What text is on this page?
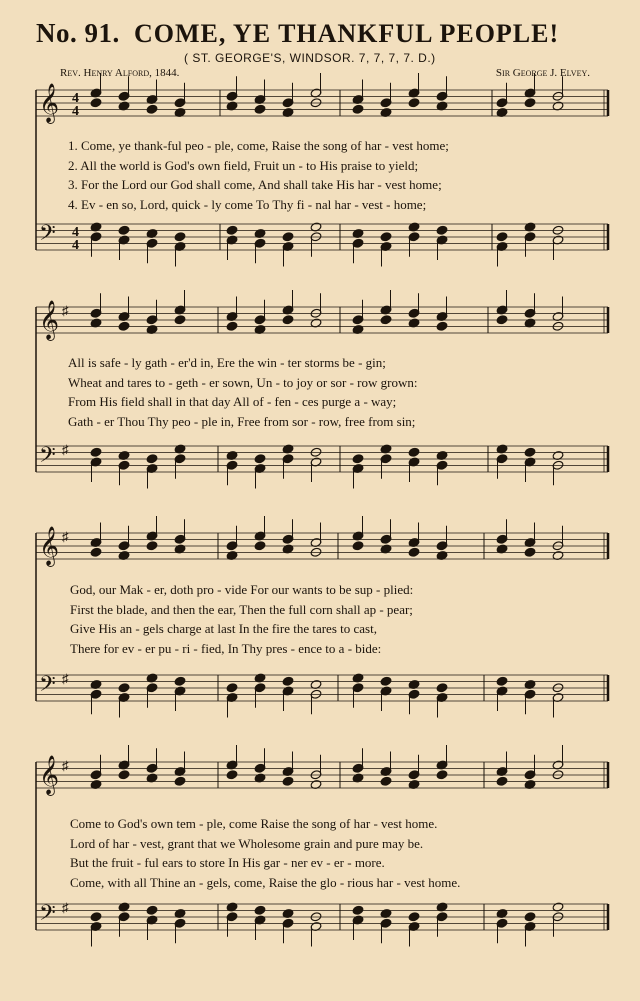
No. 91. COME, YE THANKFUL PEOPLE!
( ST. GEORGE'S, WINDSOR. 7, 7, 7, 7. D.)
Rev. Henry Alford, 1844.	Sir George J. Elvey.
𝄞
𝄢
𝄞
𝄢
𝄞
𝄢
𝄞
𝄢
4
4
4
4
♯
♯
♯
♯
♯
♯
1. Come, ye thank-ful peo - ple, come, Raise the song of har - vest home;
2. All the world is God's own field, Fruit un - to His praise to yield;
3. For the Lord our God shall come, And shall take His har - vest home;
4. Ev - en so, Lord, quick - ly come To Thy fi - nal har - vest - home;
All is safe - ly gath - er'd in, Ere the win - ter storms be - gin;
Wheat and tares to - geth - er sown, Un - to joy or sor - row grown:
From His field shall in that day All of - fen - ces purge a - way;
Gath - er Thou Thy peo - ple in, Free from sor - row, free from sin;
God, our Mak - er, doth pro - vide For our wants to be sup - plied:
First the blade, and then the ear, Then the full corn shall ap - pear;
Give His an - gels charge at last In the fire the tares to cast,
There for ev - er pu - ri - fied, In Thy pres - ence to a - bide:
Come to God's own tem - ple, come Raise the song of har - vest home.
Lord of har - vest, grant that we Wholesome grain and pure may be.
But the fruit - ful ears to store In His gar - ner ev - er - more.
Come, with all Thine an - gels, come, Raise the glo - rious har - vest home.
